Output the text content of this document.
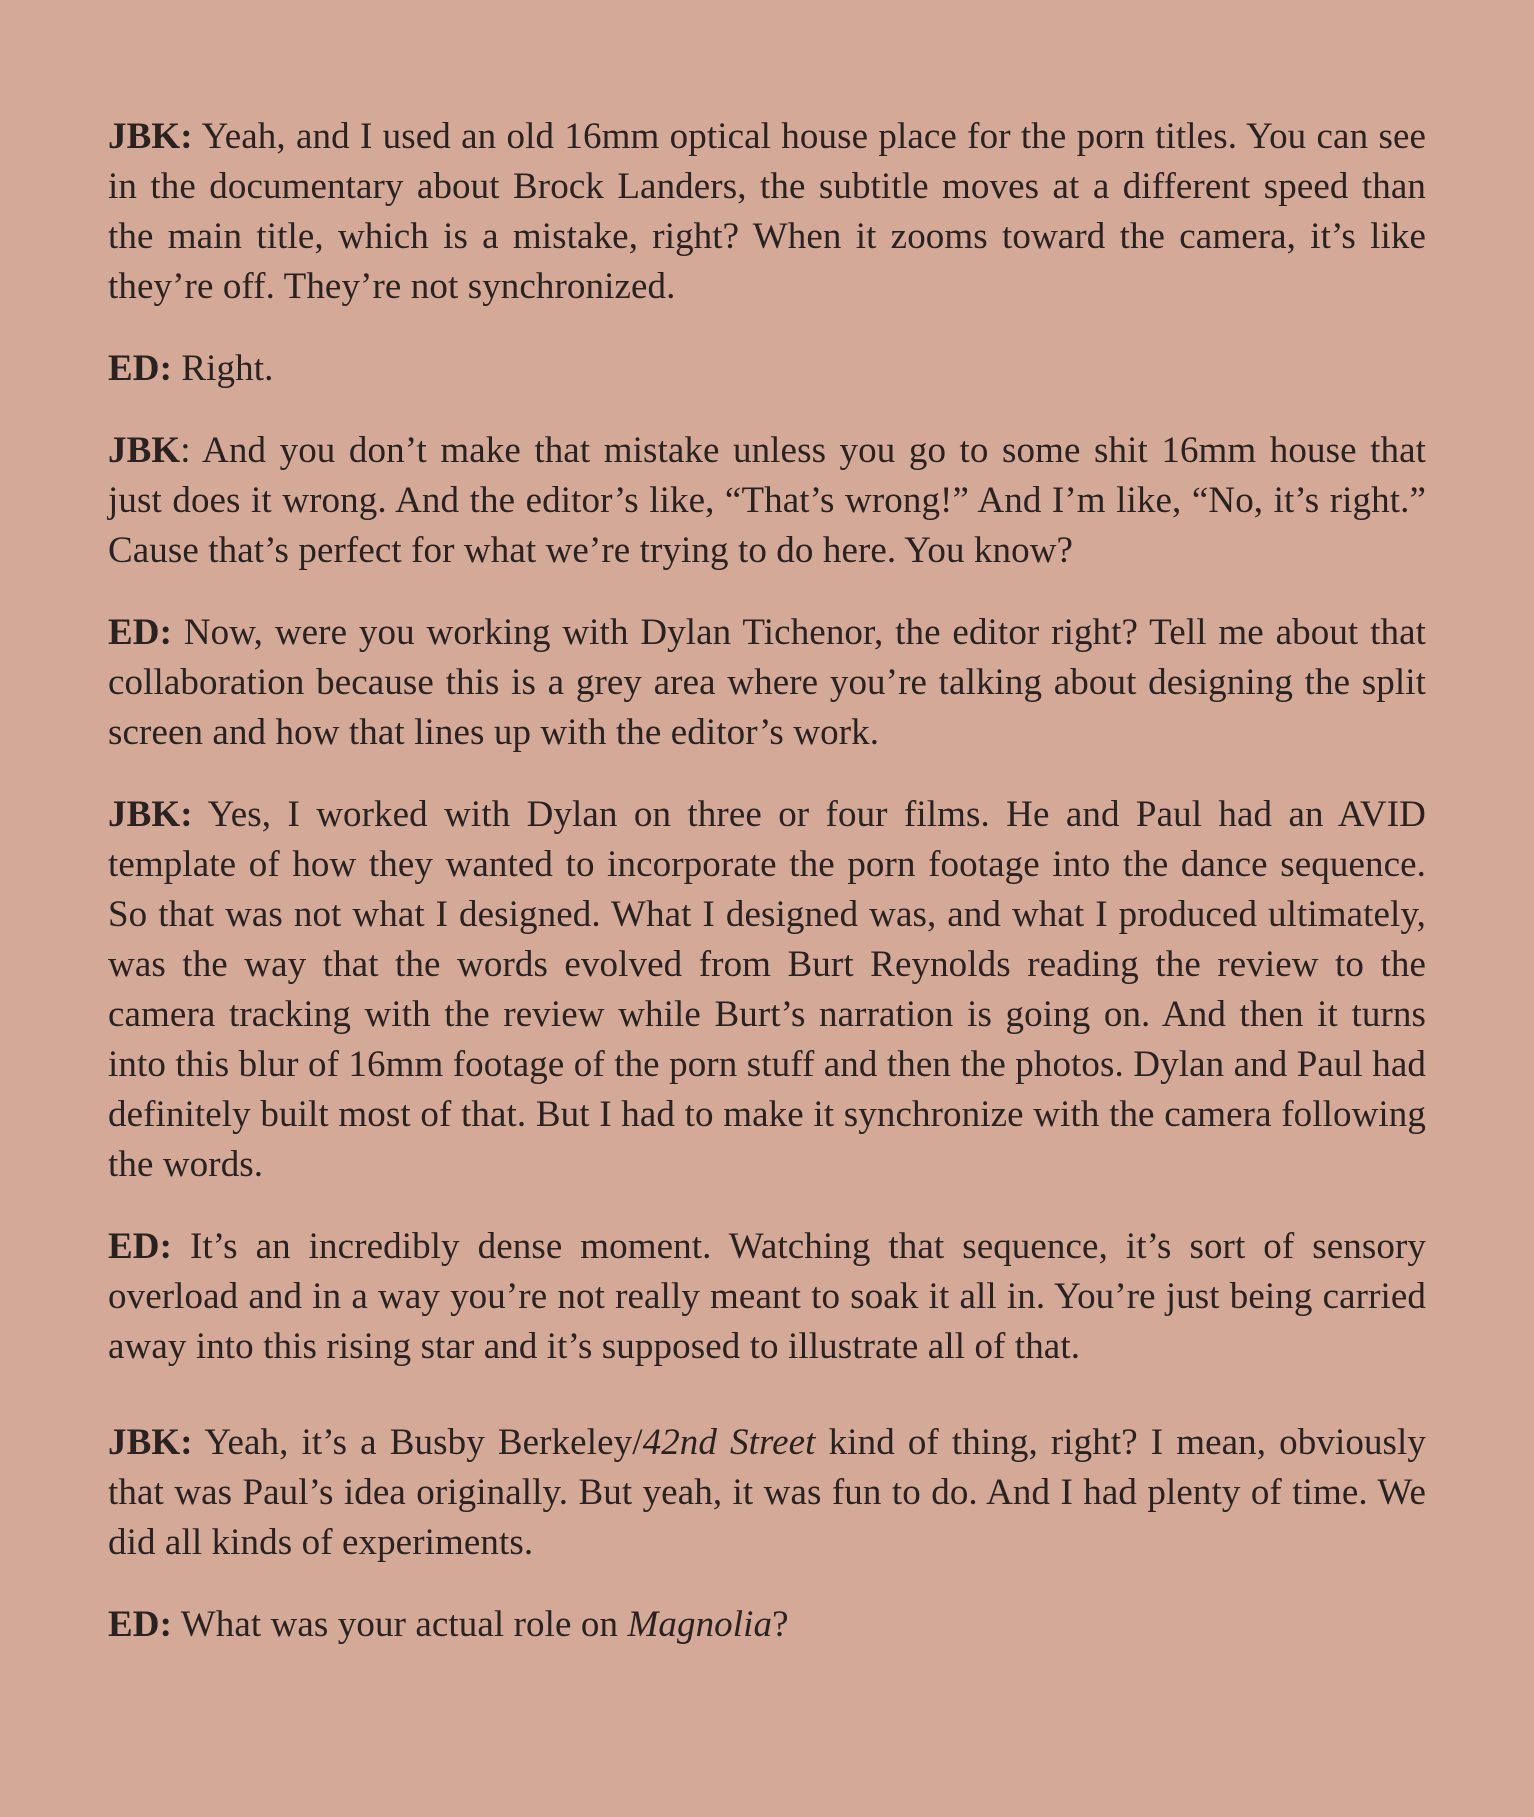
JBK: Yeah, and I used an old 16mm optical house place for the porn titles. You can see in the documentary about Brock Landers, the subtitle moves at a different speed than the main title, which is a mistake, right? When it zooms toward the camera, it’s like they’re off. They’re not synchronized.

ED: Right.

JBK: And you don’t make that mistake unless you go to some shit 16mm house that just does it wrong. And the editor’s like, “That’s wrong!” And I’m like, “No, it’s right.” Cause that’s perfect for what we’re trying to do here. You know?

ED: Now, were you working with Dylan Tichenor, the editor right? Tell me about that collaboration because this is a grey area where you’re talking about designing the split screen and how that lines up with the editor’s work.

JBK: Yes, I worked with Dylan on three or four films. He and Paul had an AVID template of how they wanted to incorporate the porn footage into the dance sequence. So that was not what I designed. What I designed was, and what I produced ultimately, was the way that the words evolved from Burt Reynolds reading the review to the camera tracking with the review while Burt’s narration is going on. And then it turns into this blur of 16mm footage of the porn stuff and then the photos. Dylan and Paul had definitely built most of that. But I had to make it synchronize with the camera following the words.

ED: It’s an incredibly dense moment. Watching that sequence, it’s sort of sensory overload and in a way you’re not really meant to soak it all in. You’re just being carried away into this rising star and it’s supposed to illustrate all of that.

JBK: Yeah, it’s a Busby Berkeley/42nd Street kind of thing, right? I mean, obviously that was Paul’s idea originally. But yeah, it was fun to do. And I had plenty of time. We did all kinds of experiments.

ED: What was your actual role on Magnolia?
